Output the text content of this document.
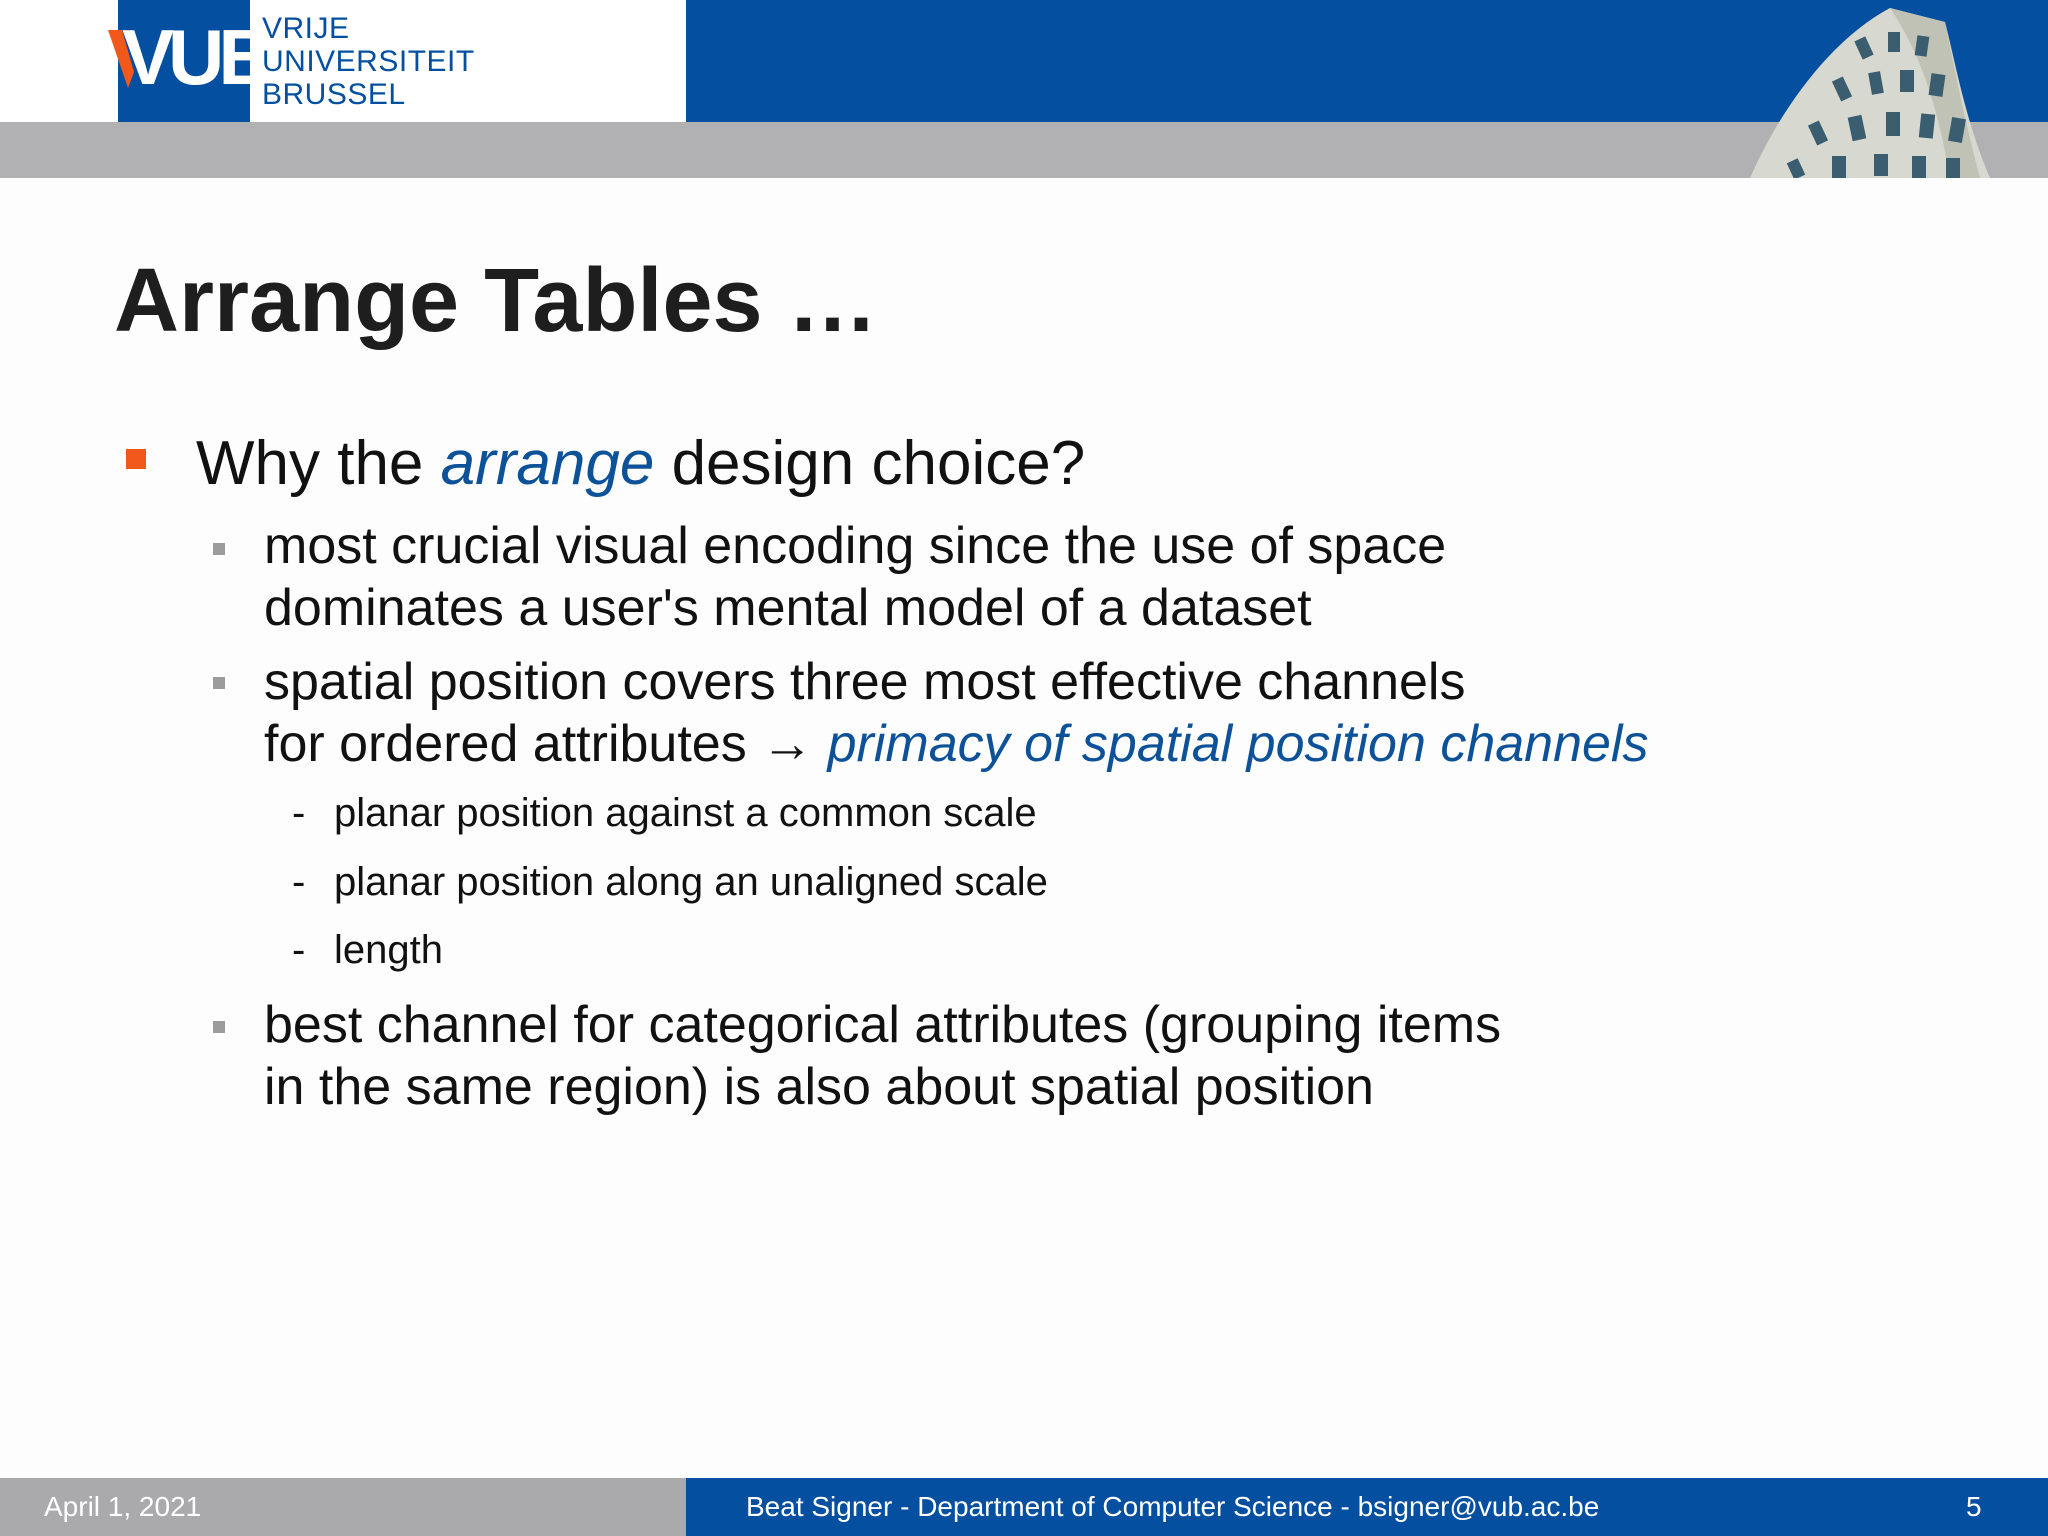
VUB
VRIJE
UNIVERSITEIT
BRUSSEL
Arrange Tables …
Why the arrange design choice?
most crucial visual encoding since the use of space
dominates a user's mental model of a dataset
spatial position covers three most effective channels
for ordered attributes → primacy of spatial position channels
- planar position against a common scale
- planar position along an unaligned scale
- length
best channel for categorical attributes (grouping items
in the same region) is also about spatial position
April 1, 2021	Beat Signer - Department of Computer Science - bsigner@vub.ac.be	5
